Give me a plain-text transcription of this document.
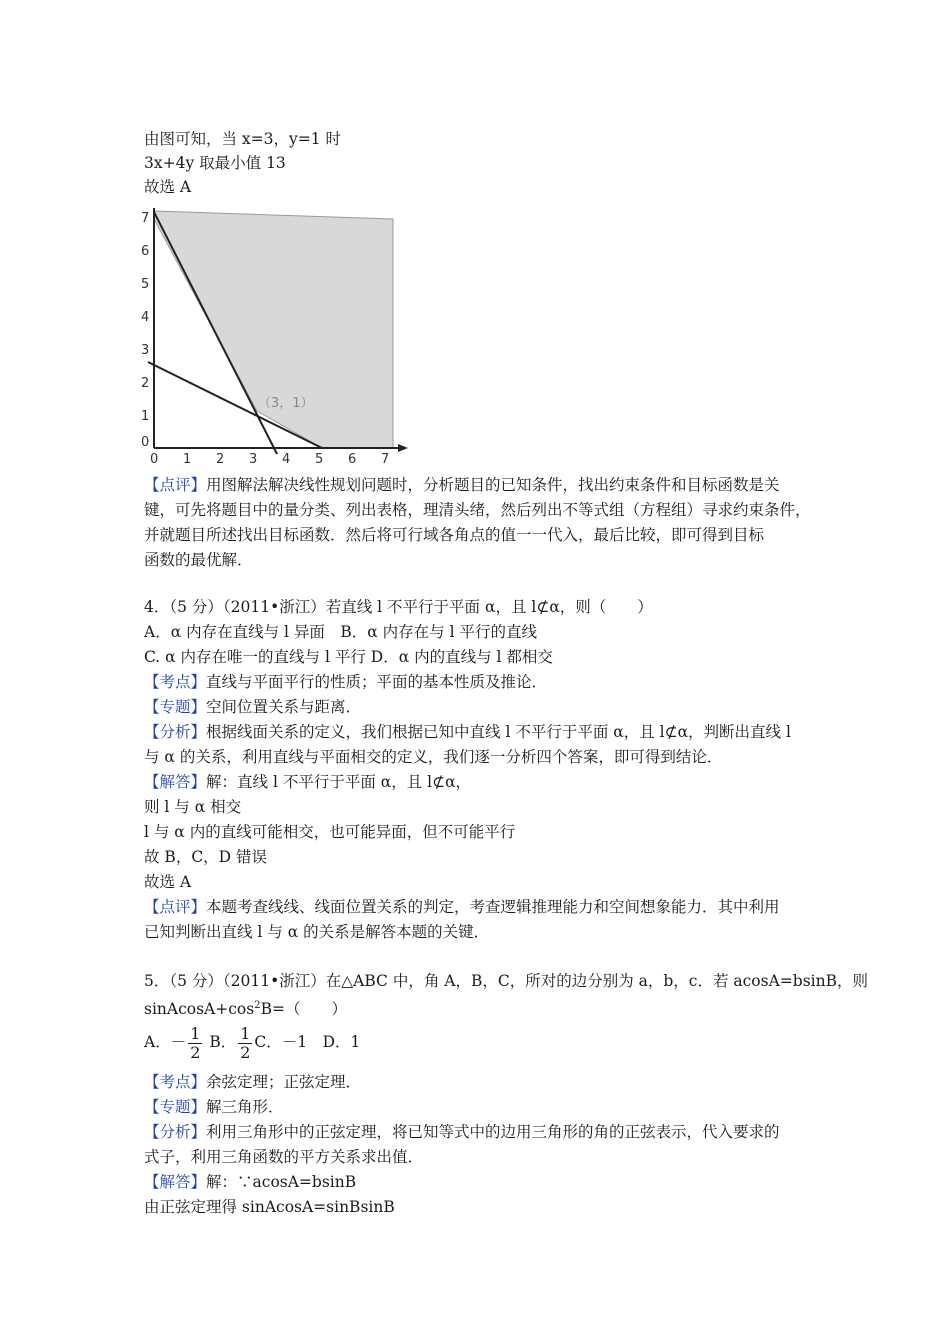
由图可知，当 x=3，y=1 时
3x+4y 取最小值 13
故选 A
0 1 2 3 4 5 6 7
0
1
2
3
4
5
6
7
（3，1）
【点评】用图解法解决线性规划问题时，分析题目的已知条件，找出约束条件和目标函数是关
键，可先将题目中的量分类、列出表格，理清头绪，然后列出不等式组（方程组）寻求约束条件，
并就题目所述找出目标函数．然后将可行域各角点的值一一代入，最后比较，即可得到目标
函数的最优解．
4．（5 分）（2011•浙江）若直线 l 不平行于平面 α，且 l⊄α，则（　　）
A．α 内存在直线与 l 异面　B．α 内存在与 l 平行的直线
C. α 内存在唯一的直线与 l 平行 D．α 内的直线与 l 都相交
【考点】直线与平面平行的性质；平面的基本性质及推论．
【专题】空间位置关系与距离．
【分析】根据线面关系的定义，我们根据已知中直线 l 不平行于平面 α，且 l⊄α，判断出直线 l
与 α 的关系，利用直线与平面相交的定义，我们逐一分析四个答案，即可得到结论．
【解答】解：直线 l 不平行于平面 α，且 l⊄α，
则 l 与 α 相交
l 与 α 内的直线可能相交，也可能异面，但不可能平行
故 B，C，D 错误
故选 A
【点评】本题考查线线、线面位置关系的判定，考查逻辑推理能力和空间想象能力．其中利用
已知判断出直线 l 与 α 的关系是解答本题的关键．
5．（5 分）（2011•浙江）在△ABC 中，角 A，B，C，所对的边分别为 a，b，c．若 acosA=bsinB，则
$sinAcosA+\cos^2B=$（　　）
A．－ $\frac{1}{2}$ B． $\frac{1}{2}$ C．－1　D．1
【考点】余弦定理；正弦定理．
【专题】解三角形．
【分析】利用三角形中的正弦定理，将已知等式中的边用三角形的角的正弦表示，代入要求的
式子，利用三角函数的平方关系求出值．
【解答】解：∵acosA=bsinB
由正弦定理得 sinAcosA=sinBsinB
